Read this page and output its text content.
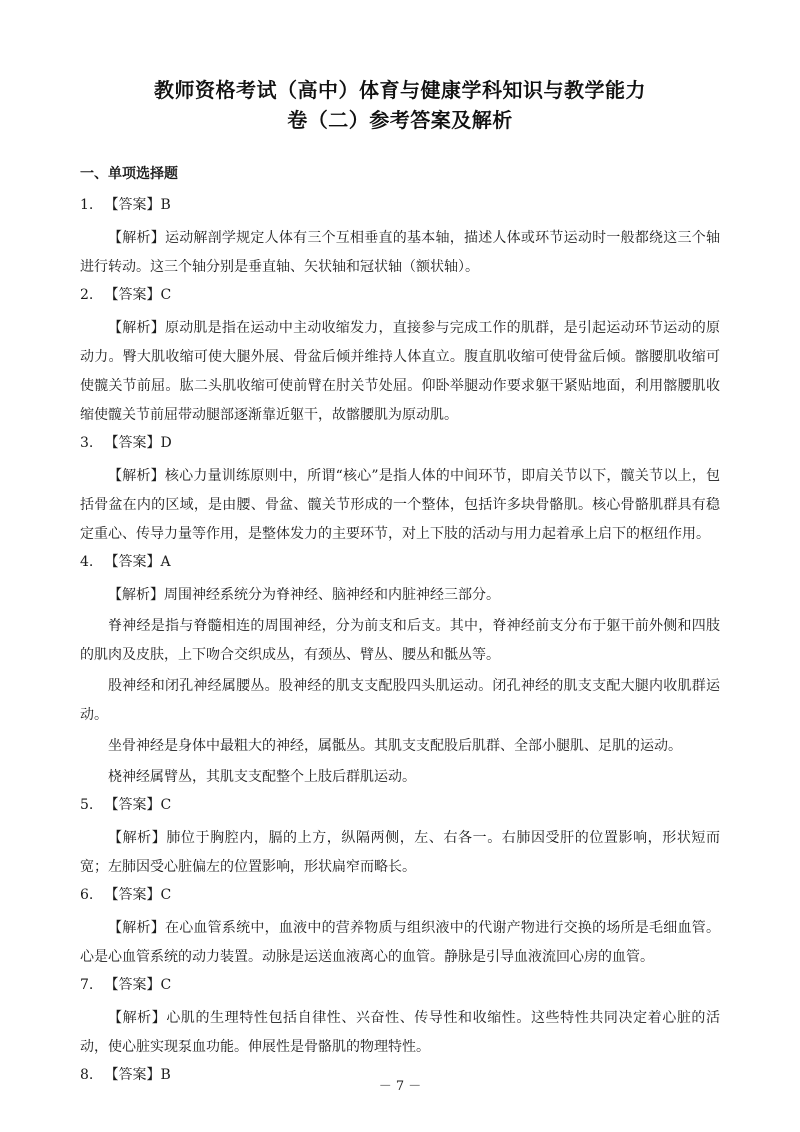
教师资格考试（高中）体育与健康学科知识与教学能力
卷（二）参考答案及解析
一、单项选择题
1. 【答案】B

【解析】运动解剖学规定人体有三个互相垂直的基本轴，描述人体或环节运动时一般都绕这三个轴进行转动。这三个轴分别是垂直轴、矢状轴和冠状轴（额状轴）。

2. 【答案】C

【解析】原动肌是指在运动中主动收缩发力，直接参与完成工作的肌群，是引起运动环节运动的原动力。臀大肌收缩可使大腿外展、骨盆后倾并维持人体直立。腹直肌收缩可使骨盆后倾。髂腰肌收缩可使髋关节前屈。肱二头肌收缩可使前臂在肘关节处屈。仰卧举腿动作要求躯干紧贴地面，利用髂腰肌收缩使髋关节前屈带动腿部逐渐靠近躯干，故髂腰肌为原动肌。

3. 【答案】D

【解析】核心力量训练原则中，所谓“核心”是指人体的中间环节，即肩关节以下，髋关节以上，包括骨盆在内的区域，是由腰、骨盆、髋关节形成的一个整体，包括许多块骨骼肌。核心骨骼肌群具有稳定重心、传导力量等作用，是整体发力的主要环节，对上下肢的活动与用力起着承上启下的枢纽作用。

4. 【答案】A

【解析】周围神经系统分为脊神经、脑神经和内脏神经三部分。

脊神经是指与脊髓相连的周围神经，分为前支和后支。其中，脊神经前支分布于躯干前外侧和四肢的肌肉及皮肤，上下吻合交织成丛，有颈丛、臂丛、腰丛和骶丛等。

股神经和闭孔神经属腰丛。股神经的肌支支配股四头肌运动。闭孔神经的肌支支配大腿内收肌群运动。

坐骨神经是身体中最粗大的神经，属骶丛。其肌支支配股后肌群、全部小腿肌、足肌的运动。

桡神经属臂丛，其肌支支配整个上肢后群肌运动。

5. 【答案】C

【解析】肺位于胸腔内，膈的上方，纵隔两侧，左、右各一。右肺因受肝的位置影响，形状短而宽；左肺因受心脏偏左的位置影响，形状扁窄而略长。

6. 【答案】C

【解析】在心血管系统中，血液中的营养物质与组织液中的代谢产物进行交换的场所是毛细血管。心是心血管系统的动力装置。动脉是运送血液离心的血管。静脉是引导血液流回心房的血管。

7. 【答案】C

【解析】心肌的生理特性包括自律性、兴奋性、传导性和收缩性。这些特性共同决定着心脏的活动，使心脏实现泵血功能。伸展性是骨骼肌的物理特性。

8. 【答案】B
－ 7 －
